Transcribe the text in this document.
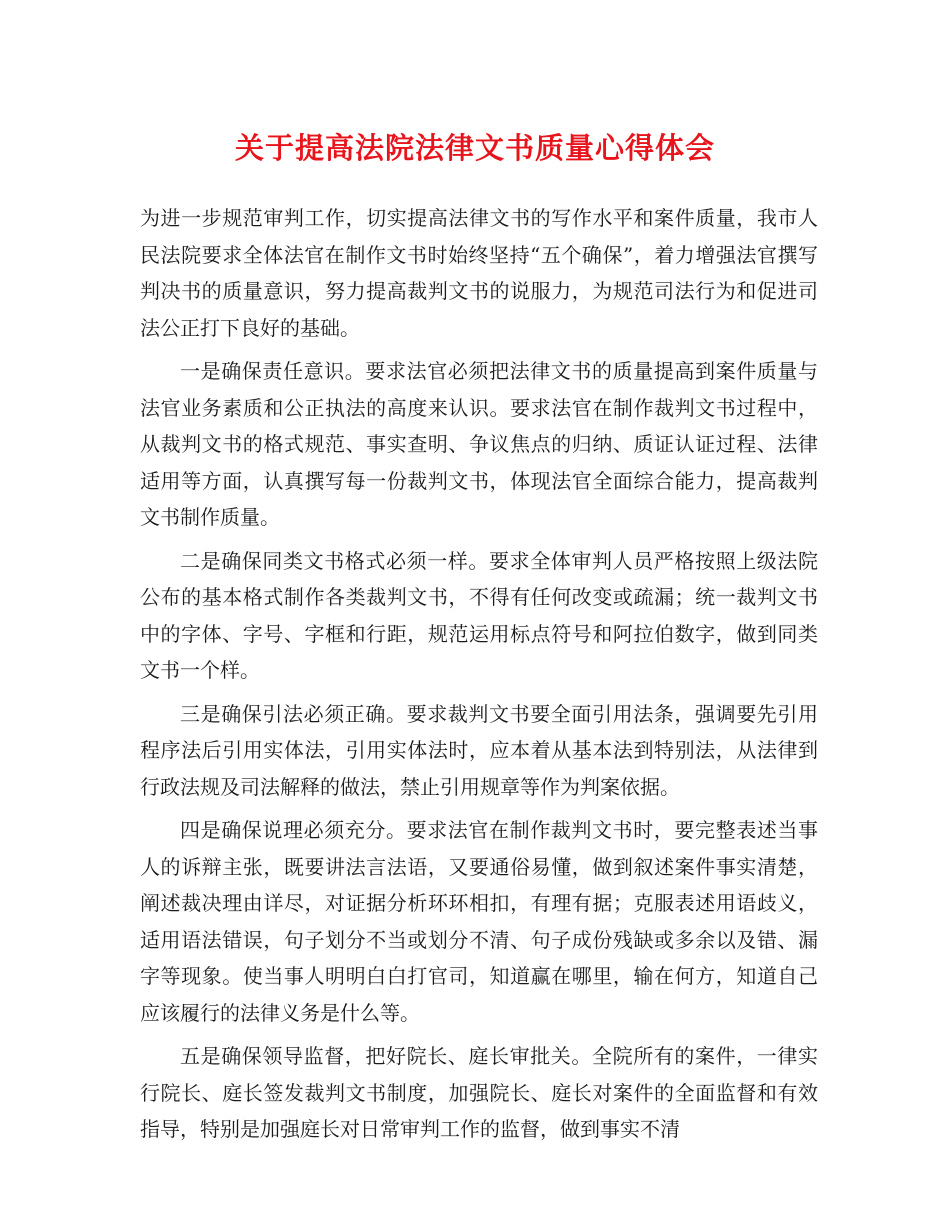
关于提高法院法律文书质量心得体会

为进一步规范审判工作，切实提高法律文书的写作水平和案件质量，我市人民法院要求全体法官在制作文书时始终坚持“五个确保”，着力增强法官撰写判决书的质量意识，努力提高裁判文书的说服力，为规范司法行为和促进司法公正打下良好的基础。

一是确保责任意识。要求法官必须把法律文书的质量提高到案件质量与法官业务素质和公正执法的高度来认识。要求法官在制作裁判文书过程中，从裁判文书的格式规范、事实查明、争议焦点的归纳、质证认证过程、法律适用等方面，认真撰写每一份裁判文书，体现法官全面综合能力，提高裁判文书制作质量。

二是确保同类文书格式必须一样。要求全体审判人员严格按照上级法院公布的基本格式制作各类裁判文书，不得有任何改变或疏漏；统一裁判文书中的字体、字号、字框和行距，规范运用标点符号和阿拉伯数字，做到同类文书一个样。

三是确保引法必须正确。要求裁判文书要全面引用法条，强调要先引用程序法后引用实体法，引用实体法时，应本着从基本法到特别法，从法律到行政法规及司法解释的做法，禁止引用规章等作为判案依据。

四是确保说理必须充分。要求法官在制作裁判文书时，要完整表述当事人的诉辩主张，既要讲法言法语，又要通俗易懂，做到叙述案件事实清楚，阐述裁决理由详尽，对证据分析环环相扣，有理有据；克服表述用语歧义，适用语法错误，句子划分不当或划分不清、句子成份残缺或多余以及错、漏字等现象。使当事人明明白白打官司，知道赢在哪里，输在何方，知道自己应该履行的法律义务是什么等。

五是确保领导监督，把好院长、庭长审批关。全院所有的案件，一律实行院长、庭长签发裁判文书制度，加强院长、庭长对案件的全面监督和有效指导，特别是加强庭长对日常审判工作的监督，做到事实不清
